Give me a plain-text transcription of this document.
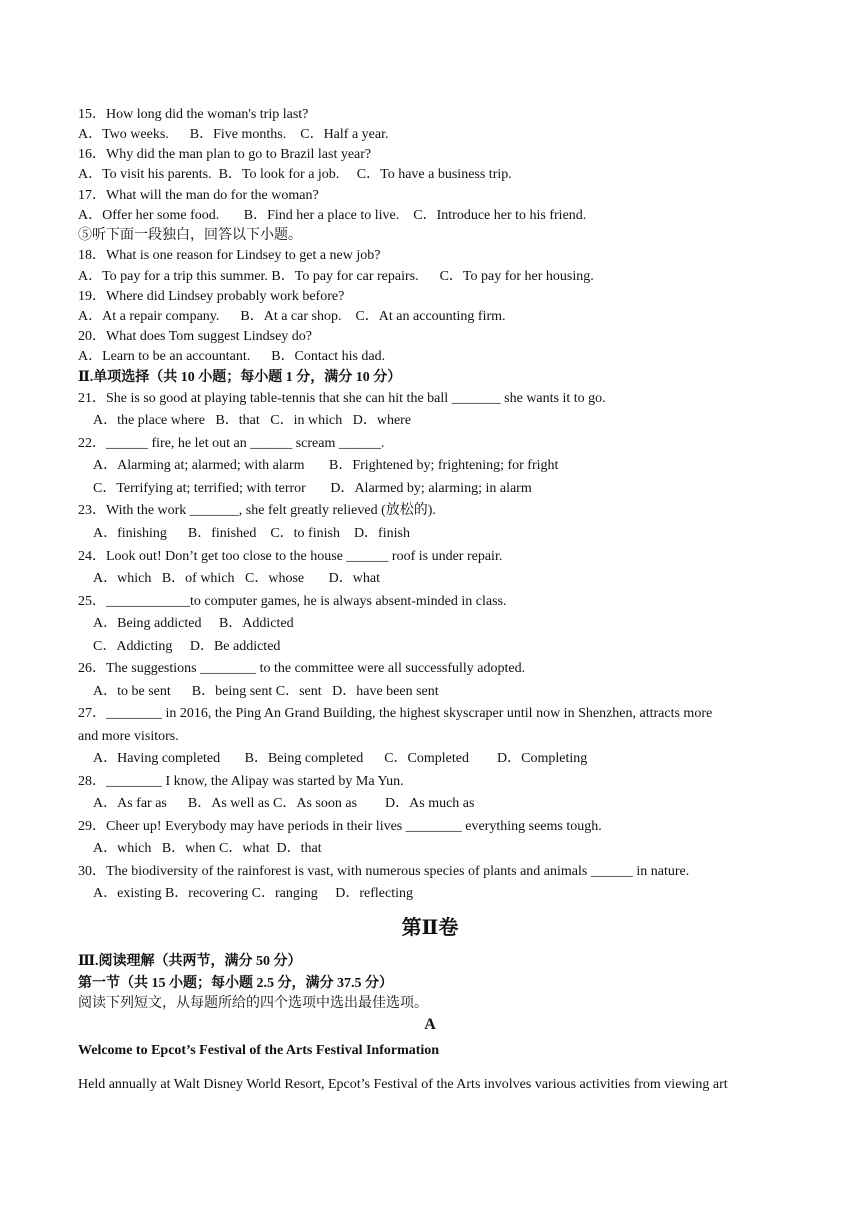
15．How long did the woman's trip last?
A．Two weeks.      B．Five months.    C．Half a year.
16．Why did the man plan to go to Brazil last year?
A．To visit his parents.  B．To look for a job.     C．To have a business trip.
17．What will the man do for the woman?
A．Offer her some food.       B．Find her a place to live.    C．Introduce her to his friend.
⑤听下面一段独白，回答以下小题。
18．What is one reason for Lindsey to get a new job?
A．To pay for a trip this summer. B．To pay for car repairs.      C．To pay for her housing.
19．Where did Lindsey probably work before?
A．At a repair company.      B．At a car shop.    C．At an accounting firm.
20．What does Tom suggest Lindsey do?
A．Learn to be an accountant.      B．Contact his dad.
Ⅱ.单项选择（共 10 小题；每小题 1 分，满分 10 分）
21．She is so good at playing table-tennis that she can hit the ball _______ she wants it to go.
A．the place where   B．that   C．in which   D．where
22．______ fire, he let out an ______ scream ______.
A．Alarming at; alarmed; with alarm       B．Frightened by; frightening; for fright
C．Terrifying at; terrified; with terror       D．Alarmed by; alarming; in alarm
23．With the work _______, she felt greatly relieved (放松的).
A．finishing      B．finished    C．to finish    D．finish
24．Look out! Don’t get too close to the house ______ roof is under repair.
A．which   B．of which   C．whose       D．what
25．____________to computer games, he is always absent-minded in class.
A．Being addicted     B．Addicted
C．Addicting     D．Be addicted
26．The suggestions ________ to the committee were all successfully adopted.
A．to be sent      B．being sent C．sent   D．have been sent
27．________ in 2016, the Ping An Grand Building, the highest skyscraper until now in Shenzhen, attracts more
and more visitors.
A．Having completed       B．Being completed      C．Completed        D．Completing
28．________ I know, the Alipay was started by Ma Yun.
A．As far as      B．As well as C．As soon as        D．As much as
29．Cheer up! Everybody may have periods in their lives ________ everything seems tough.
A．which   B．when C．what  D．that
30．The biodiversity of the rainforest is vast, with numerous species of plants and animals ______ in nature.
A．existing B．recovering C．ranging     D．reflecting
第Ⅱ卷
Ⅲ.阅读理解（共两节，满分 50 分）
第一节（共 15 小题；每小题 2.5 分，满分 37.5 分）
阅读下列短文，从每题所给的四个选项中选出最佳选项。
A
Welcome to Epcot’s Festival of the Arts Festival Information
Held annually at Walt Disney World Resort, Epcot’s Festival of the Arts involves various activities from viewing art
